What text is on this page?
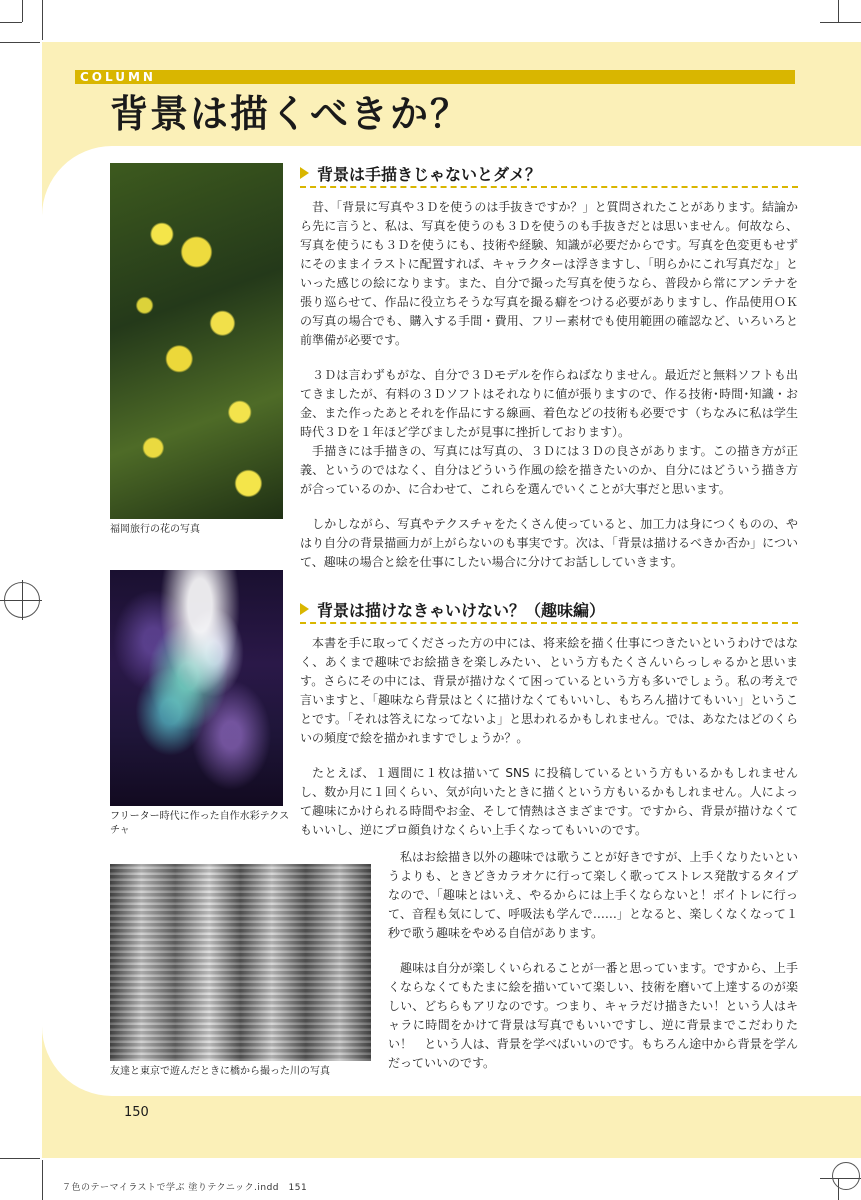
COLUMN
背景は描くべきか？

福岡旅行の花の写真

フリーター時代に作った自作水彩テクスチャ

友達と東京で遊んだときに橋から撮った川の写真

背景は手描きじゃないとダメ？

昔、「背景に写真や３Ｄを使うのは手抜きですか？」と質問されたことがあります。結論から先に言うと、私は、写真を使うのも３Ｄを使うのも手抜きだとは思いません。何故なら、写真を使うにも３Ｄを使うにも、技術や経験、知識が必要だからです。写真を色変更もせずにそのままイラストに配置すれば、キャラクターは浮きますし、「明らかにこれ写真だな」といった感じの絵になります。また、自分で撮った写真を使うなら、普段から常にアンテナを張り巡らせて、作品に役立ちそうな写真を撮る癖をつける必要がありますし、作品使用ＯＫの写真の場合でも、購入する手間・費用、フリー素材でも使用範囲の確認など、いろいろと前準備が必要です。

３Ｄは言わずもがな、自分で３Ｄモデルを作らねばなりません。最近だと無料ソフトも出てきましたが、有料の３Ｄソフトはそれなりに値が張りますので、作る技術･時間･知識・お金、また作ったあとそれを作品にする線画、着色などの技術も必要です（ちなみに私は学生時代３Ｄを１年ほど学びましたが見事に挫折しております）。

手描きには手描きの、写真には写真の、３Ｄには３Ｄの良さがあります。この描き方が正義、というのではなく、自分はどういう作風の絵を描きたいのか、自分にはどういう描き方が合っているのか、に合わせて、これらを選んでいくことが大事だと思います。

しかしながら、写真やテクスチャをたくさん使っていると、加工力は身につくものの、やはり自分の背景描画力が上がらないのも事実です。次は、「背景は描けるべきか否か」について、趣味の場合と絵を仕事にしたい場合に分けてお話ししていきます。

背景は描けなきゃいけない？（趣味編）

本書を手に取ってくださった方の中には、将来絵を描く仕事につきたいというわけではなく、あくまで趣味でお絵描きを楽しみたい、という方もたくさんいらっしゃるかと思います。さらにその中には、背景が描けなくて困っているという方も多いでしょう。私の考えで言いますと、「趣味なら背景はとくに描けなくてもいいし、もちろん描けてもいい」ということです。「それは答えになってないよ」と思われるかもしれません。では、あなたはどのくらいの頻度で絵を描かれますでしょうか？。

たとえば、１週間に１枚は描いて SNS に投稿しているという方もいるかもしれませんし、数か月に１回くらい、気が向いたときに描くという方もいるかもしれません。人によって趣味にかけられる時間やお金、そして情熱はさまざまです。ですから、背景が描けなくてもいいし、逆にプロ顔負けなくらい上手くなってもいいのです。

私はお絵描き以外の趣味では歌うことが好きですが、上手くなりたいというよりも、ときどきカラオケに行って楽しく歌ってストレス発散するタイプなので、「趣味とはいえ、やるからには上手くならないと！ボイトレに行って、音程も気にして、呼吸法も学んで……」となると、楽しくなくなって１秒で歌う趣味をやめる自信があります。

趣味は自分が楽しくいられることが一番と思っています。ですから、上手くならなくてもたまに絵を描いていて楽しい、技術を磨いて上達するのが楽しい、どちらもアリなのです。つまり、キャラだけ描きたい！という人はキャラに時間をかけて背景は写真でもいいですし、逆に背景までこだわりたい！　という人は、背景を学べばいいのです。もちろん途中から背景を学んだっていいのです。

150
７色のテーマイラストで学ぶ 塗りテクニック.indd　151
